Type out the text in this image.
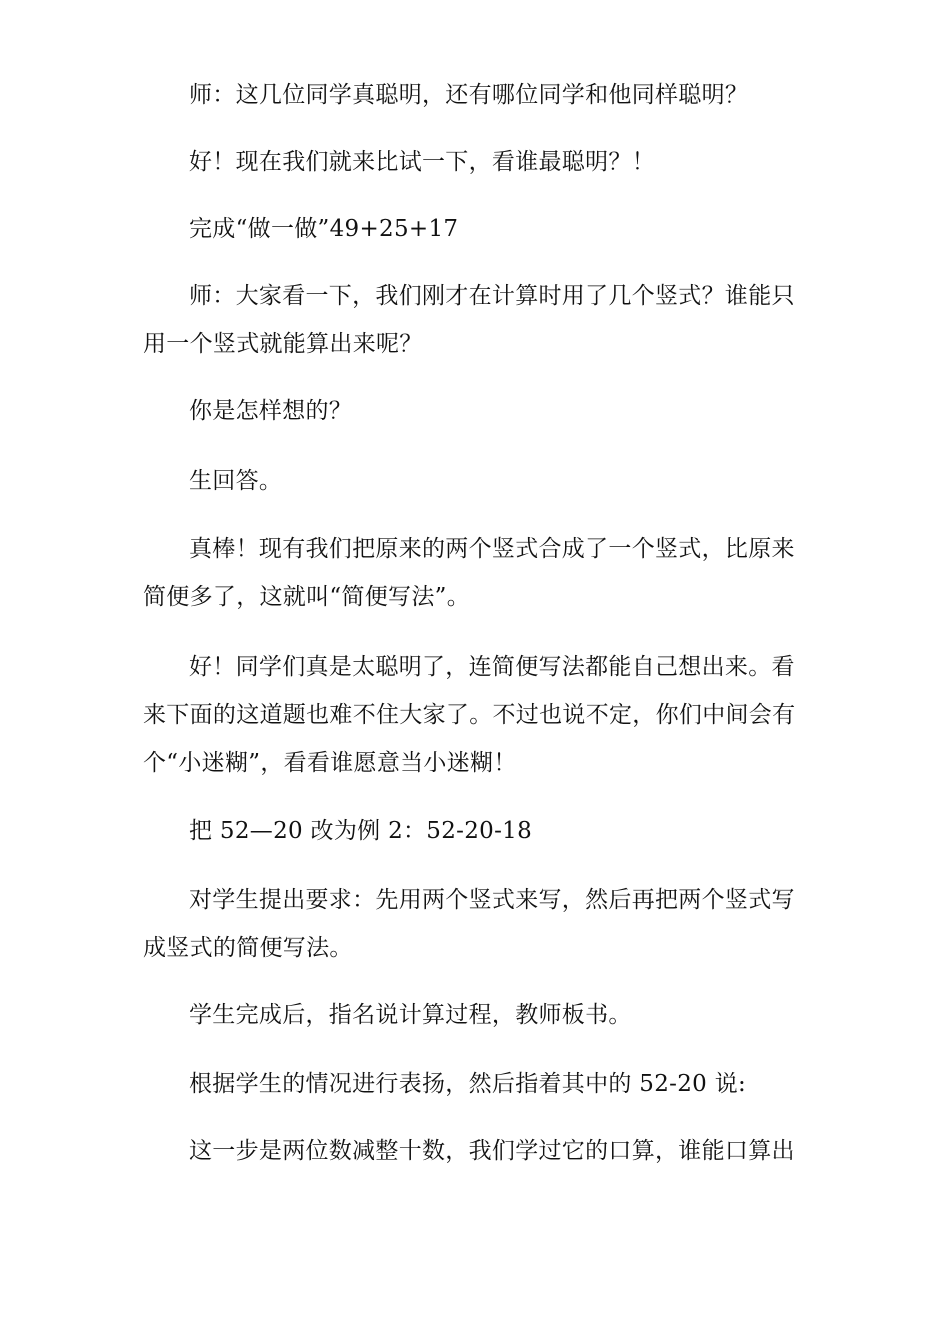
师：这几位同学真聪明，还有哪位同学和他同样聪明？

好！现在我们就来比试一下，看谁最聪明？！

完成“做一做”49+25+17

师：大家看一下，我们刚才在计算时用了几个竖式？谁能只用一个竖式就能算出来呢？

你是怎样想的？

生回答。

真棒！现有我们把原来的两个竖式合成了一个竖式，比原来简便多了，这就叫“简便写法”。

好！同学们真是太聪明了，连简便写法都能自己想出来。看来下面的这道题也难不住大家了。不过也说不定，你们中间会有个“小迷糊”，看看谁愿意当小迷糊！

把 52—20 改为例 2：52-20-18

对学生提出要求：先用两个竖式来写，然后再把两个竖式写成竖式的简便写法。

学生完成后，指名说计算过程，教师板书。

根据学生的情况进行表扬，然后指着其中的 52-20 说:

这一步是两位数减整十数，我们学过它的口算，谁能口算出
